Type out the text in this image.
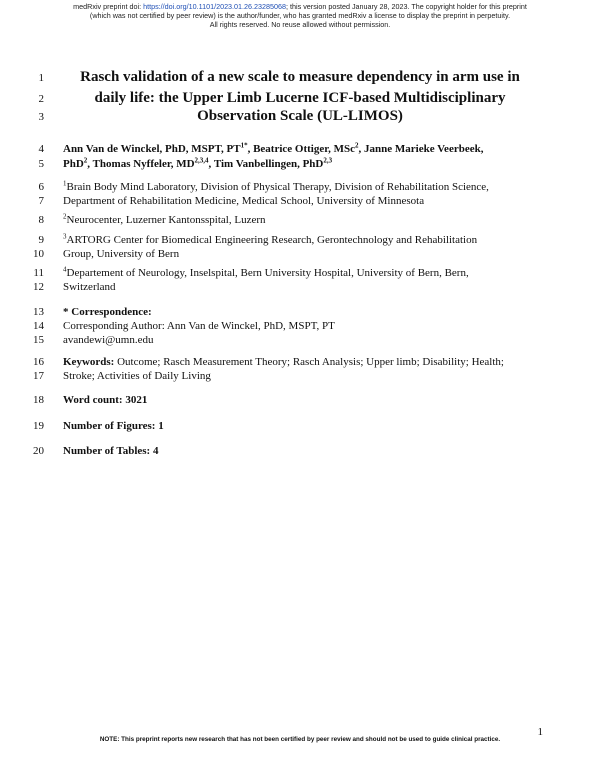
medRxiv preprint doi: https://doi.org/10.1101/2023.01.26.23285068; this version posted January 28, 2023. The copyright holder for this preprint
(which was not certified by peer review) is the author/funder, who has granted medRxiv a license to display the preprint in perpetuity.
All rights reserved. No reuse allowed without permission.
1
2
3
4
5
6
7
8
9
10
11
12
13
14
15
16
17
18
19
20
Rasch validation of a new scale to measure dependency in arm use in
daily life: the Upper Limb Lucerne ICF-based Multidisciplinary
Observation Scale (UL-LIMOS)
Ann Van de Winckel, PhD, MSPT, $PT^{1*}$, Beatrice Ottiger, MSc$^2$, Janne Marieke Veerbeek,
PhD$^2$, Thomas Nyffeler, MD$^{2,3,4}$, Tim Vanbellingen, PhD$^{2,3}$
$^1$Brain Body Mind Laboratory, Division of Physical Therapy, Division of Rehabilitation Science,
Department of Rehabilitation Medicine, Medical School, University of Minnesota
$^2$Neurocenter, Luzerner Kantonsspital, Luzern
$^3$ARTORG Center for Biomedical Engineering Research, Gerontechnology and Rehabilitation
Group, University of Bern
$^4$Departement of Neurology, Inselspital, Bern University Hospital, University of Bern, Bern,
Switzerland
* Correspondence:
Corresponding Author: Ann Van de Winckel, PhD, MSPT, PT
avandewi@umn.edu
Keywords: Outcome; Rasch Measurement Theory; Rasch Analysis; Upper limb; Disability; Health;
Stroke; Activities of Daily Living
Word count: 3021
Number of Figures: 1
Number of Tables: 4
1
NOTE: This preprint reports new research that has not been certified by peer review and should not be used to guide clinical practice.
